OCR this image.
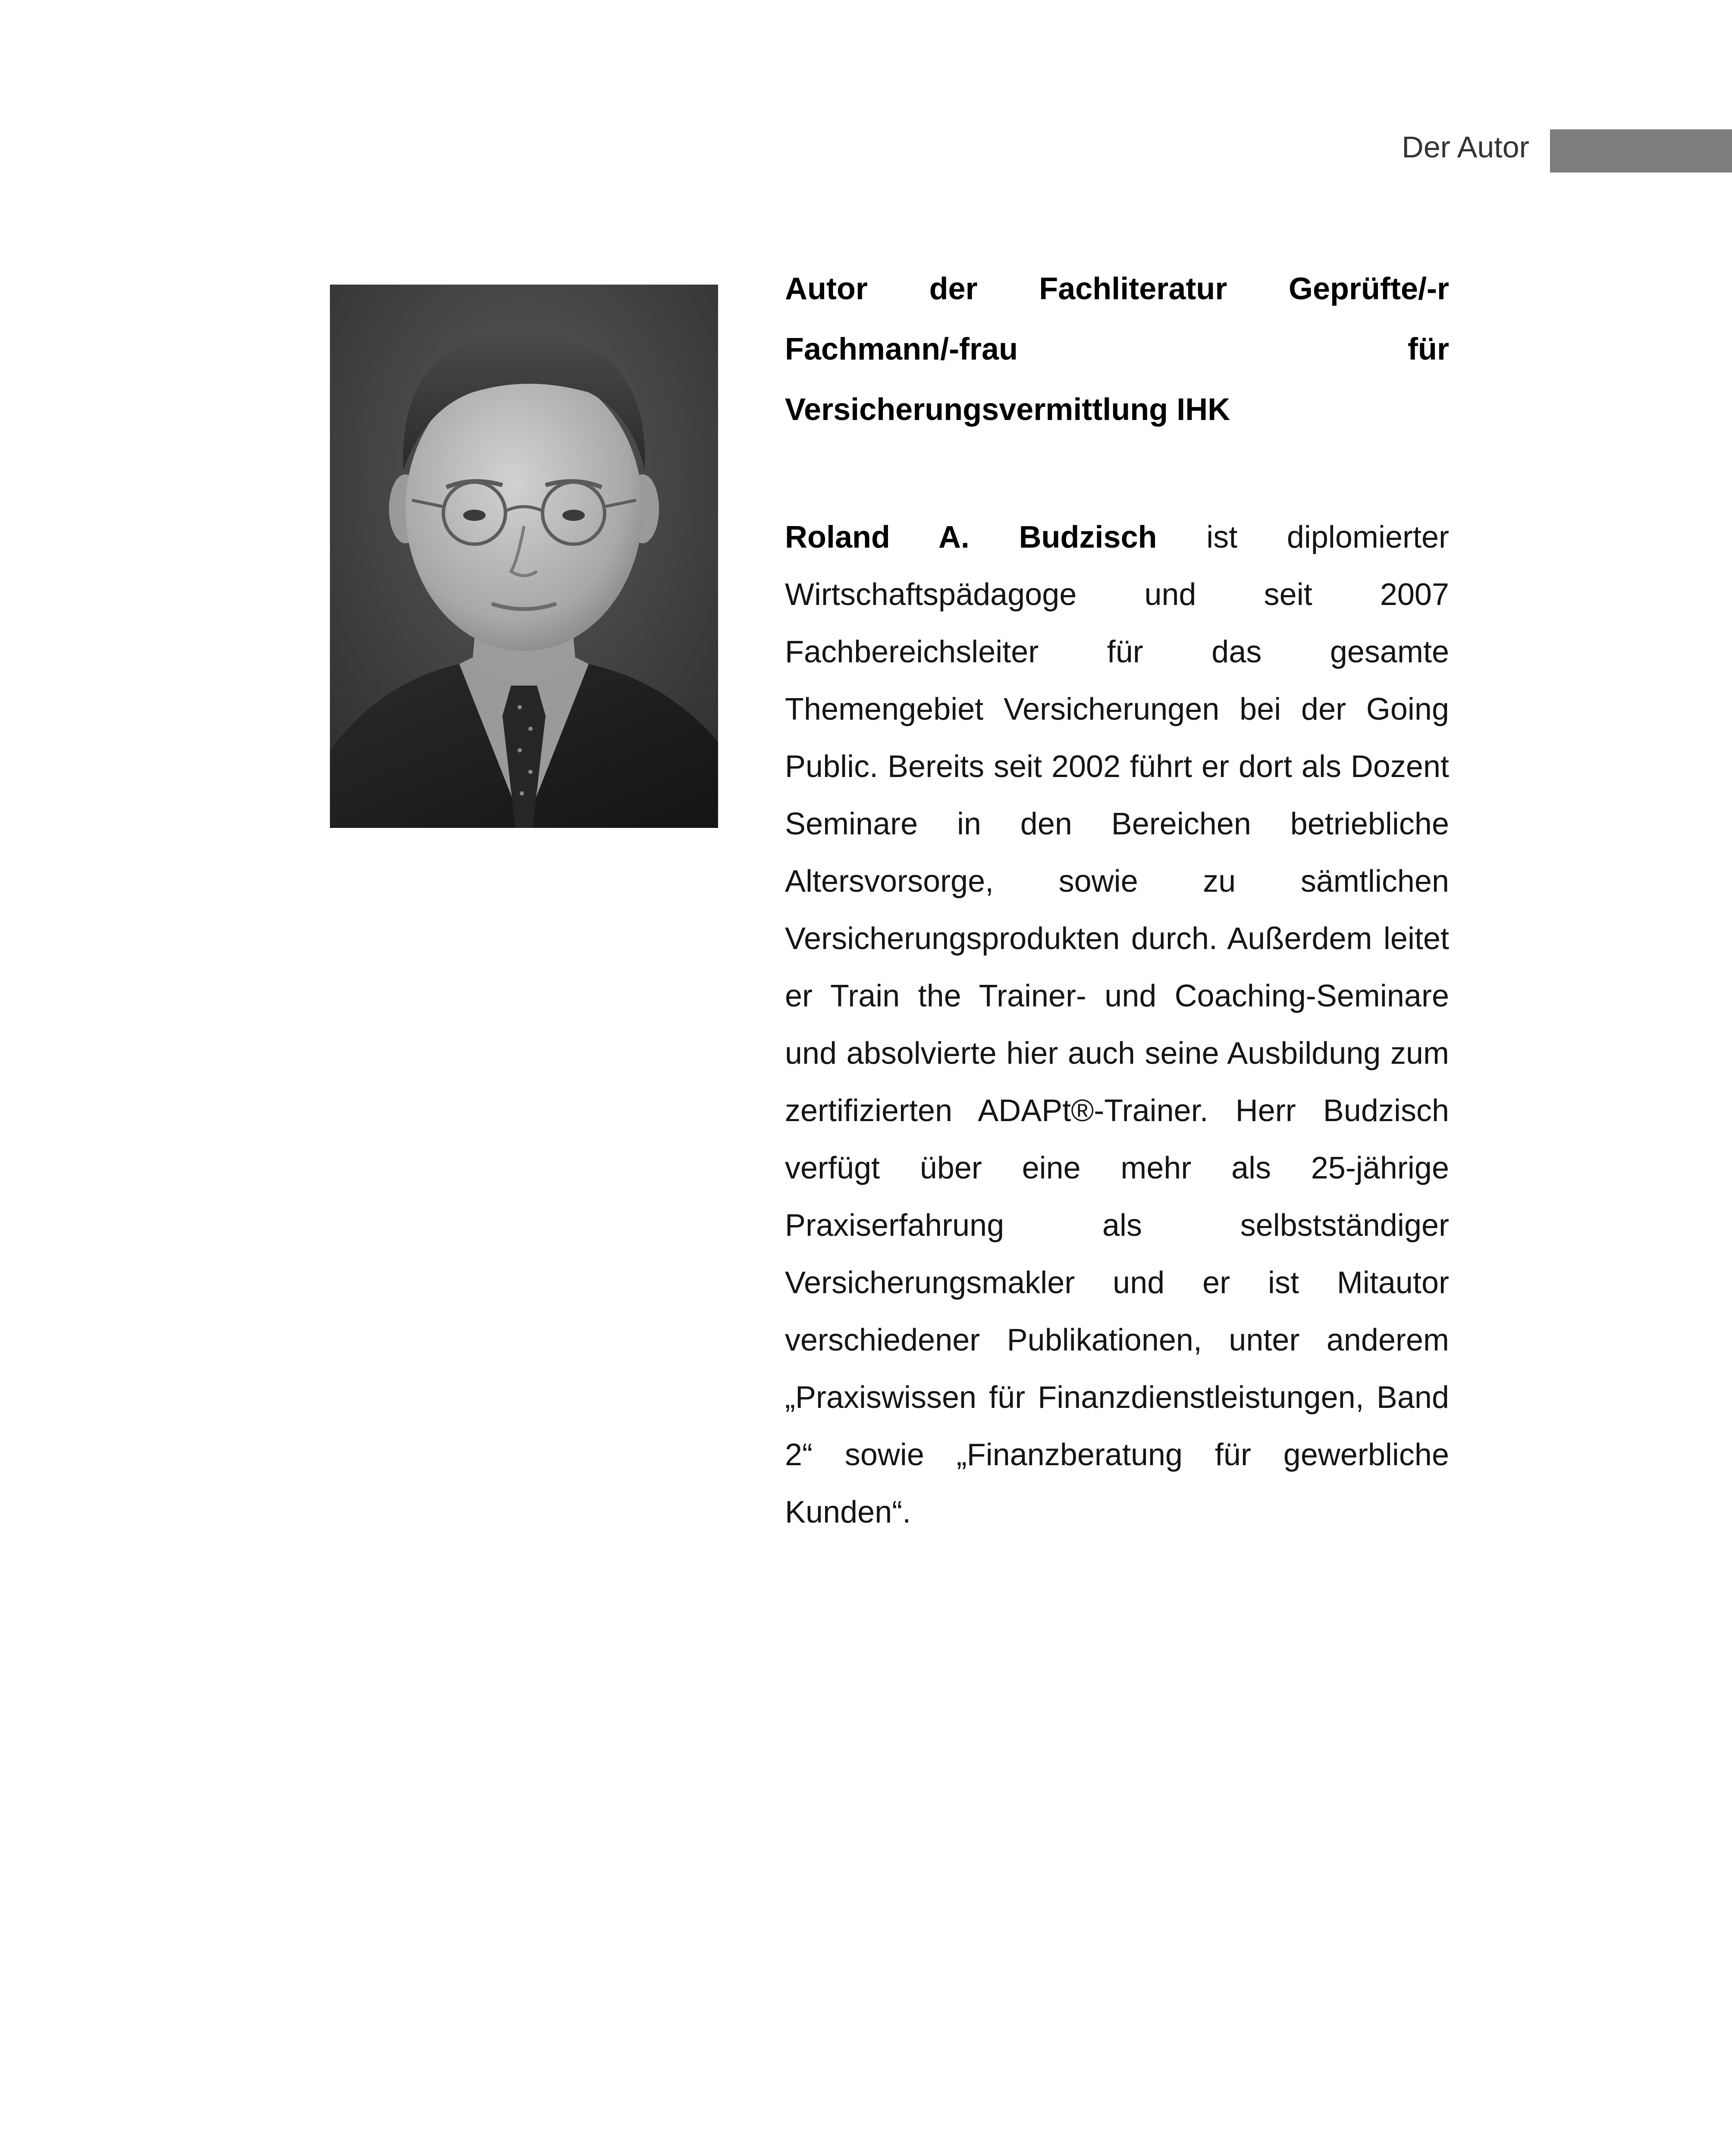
Der Autor
Autor der Fachliteratur Geprüfte/-r Fachmann/-frau für Versicherungsvermittlung IHK

Roland A. Budzisch ist diplomierter Wirtschaftspädagoge und seit 2007 Fachbereichsleiter für das gesamte Themengebiet Versicherungen bei der Going Public. Bereits seit 2002 führt er dort als Dozent Seminare in den Bereichen betriebliche Altersvorsorge, sowie zu sämtlichen Versicherungsprodukten durch. Außerdem leitet er Train the Trainer- und Coaching-Seminare und absolvierte hier auch seine Ausbildung zum zertifizierten ADAPt®-Trainer. Herr Budzisch verfügt über eine mehr als 25-jährige Praxiserfahrung als selbstständiger Versicherungsmakler und er ist Mitautor verschiedener Publikationen, unter anderem „Praxiswissen für Finanzdienstleistungen, Band 2“ sowie „Finanzberatung für gewerbliche Kunden“.
